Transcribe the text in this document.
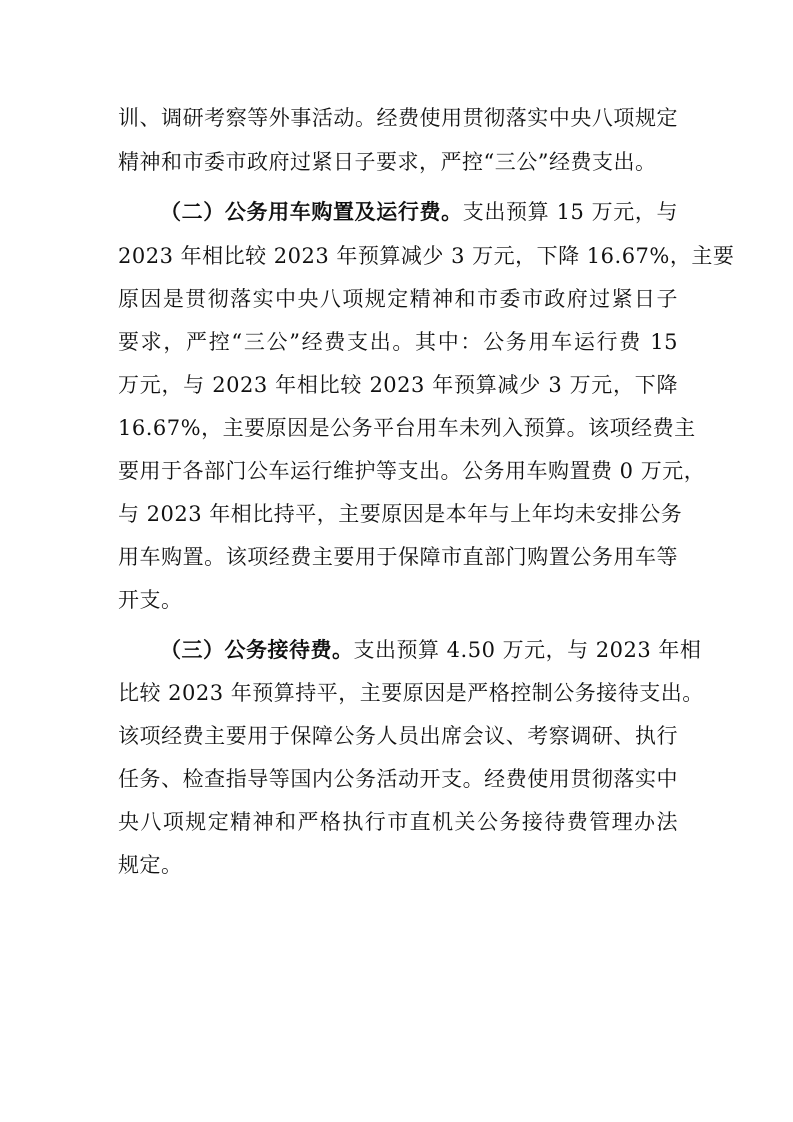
训、调研考察等外事活动。经费使用贯彻落实中央八项规定
精神和市委市政府过紧日子要求，严控“三公”经费支出。
（二）公务用车购置及运行费。支出预算 15 万元，与
2023 年相比较 2023 年预算减少 3 万元，下降 16.67%，主要
原因是贯彻落实中央八项规定精神和市委市政府过紧日子
要求，严控“三公”经费支出。其中：公务用车运行费 15
万元，与 2023 年相比较 2023 年预算减少 3 万元，下降
16.67%，主要原因是公务平台用车未列入预算。该项经费主
要用于各部门公车运行维护等支出。公务用车购置费 0 万元，
与 2023 年相比持平，主要原因是本年与上年均未安排公务
用车购置。该项经费主要用于保障市直部门购置公务用车等
开支。
（三）公务接待费。支出预算 4.50 万元，与 2023 年相
比较 2023 年预算持平，主要原因是严格控制公务接待支出。
该项经费主要用于保障公务人员出席会议、考察调研、执行
任务、检查指导等国内公务活动开支。经费使用贯彻落实中
央八项规定精神和严格执行市直机关公务接待费管理办法
规定。
